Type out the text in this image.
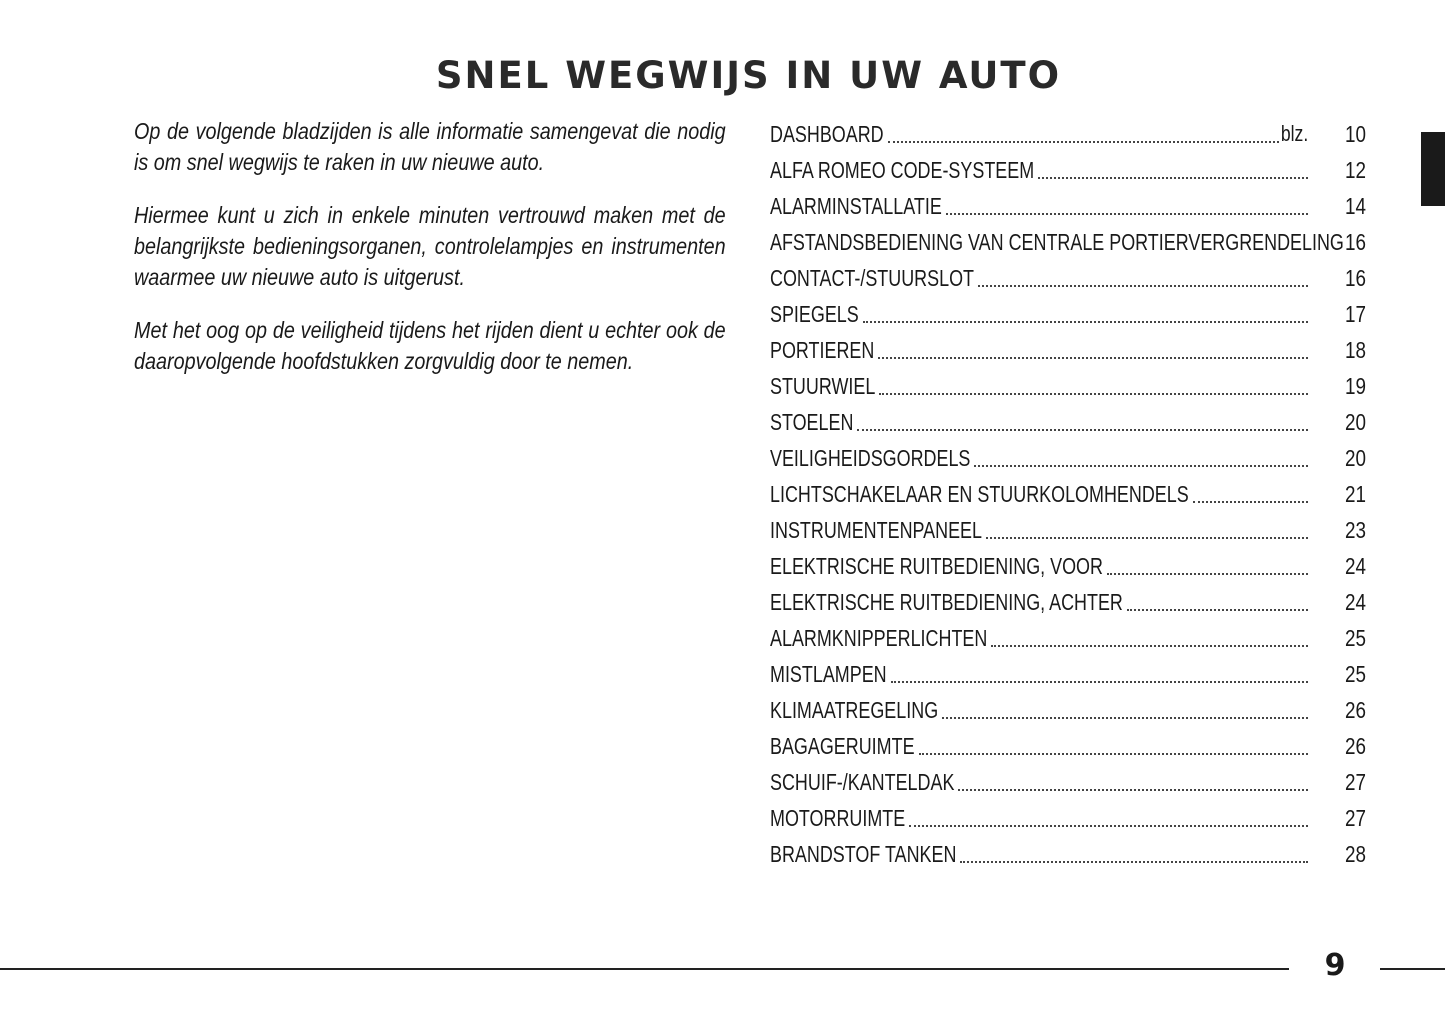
SNEL WEGWIJS IN UW AUTO

Op de volgende bladzijden is alle informatie samengevat die nodig is om snel wegwijs te raken in uw nieuwe auto.

Hiermee kunt u zich in enkele minuten vertrouwd maken met de belangrijkste bedieningsorganen, controlelampjes en instrumenten waarmee uw nieuwe auto is uitgerust.

Met het oog op de veiligheid tijdens het rijden dient u echter ook de daaropvolgende hoofdstukken zorgvuldig door te nemen.

DASHBOARD	blz.	10
ALFA ROMEO CODE-SYSTEEM	12
ALARMINSTALLATIE	14
AFSTANDSBEDIENING VAN CENTRALE PORTIERVERGRENDELING 16
CONTACT-/STUURSLOT	16
SPIEGELS	17
PORTIEREN	18
STUURWIEL	19
STOELEN	20
VEILIGHEIDSGORDELS	20
LICHTSCHAKELAAR EN STUURKOLOMHENDELS	21
INSTRUMENTENPANEEL	23
ELEKTRISCHE RUITBEDIENING, VOOR	24
ELEKTRISCHE RUITBEDIENING, ACHTER	24
ALARMKNIPPERLICHTEN	25
MISTLAMPEN	25
KLIMAATREGELING	26
BAGAGERUIMTE	26
SCHUIF-/KANTELDAK	27
MOTORRUIMTE	27
BRANDSTOF TANKEN	28
9
